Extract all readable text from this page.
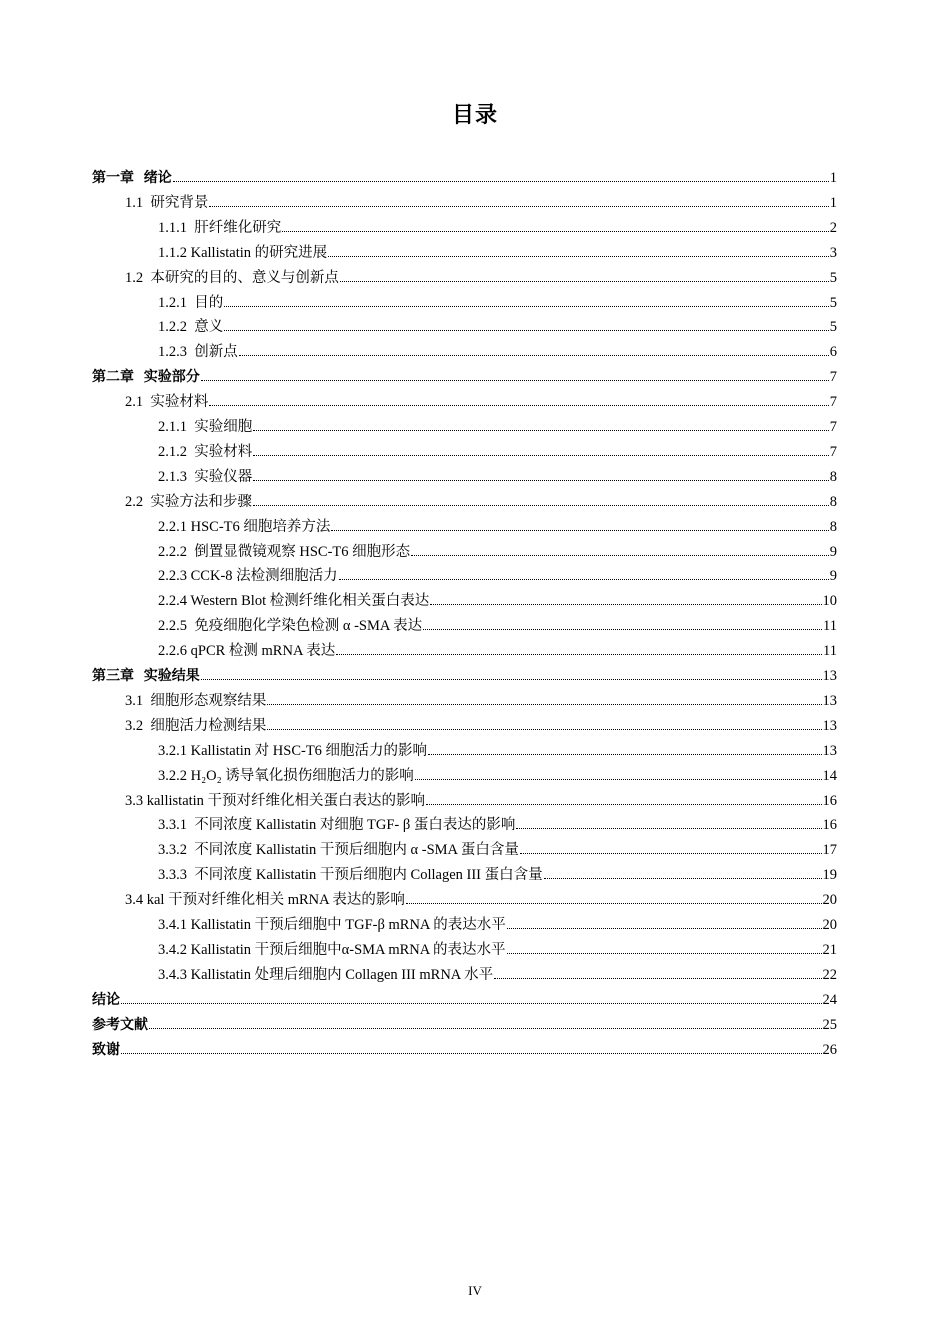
目录
第一章  绪论	1
1.1  研究背景	1
1.1.1  肝纤维化研究	2
1.1.2 Kallistatin 的研究进展	3
1.2  本研究的目的、意义与创新点	5
1.2.1  目的	5
1.2.2  意义	5
1.2.3  创新点	6
第二章  实验部分	7
2.1  实验材料	7
2.1.1  实验细胞	7
2.1.2  实验材料	7
2.1.3  实验仪器	8
2.2  实验方法和步骤	8
2.2.1 HSC-T6 细胞培养方法	8
2.2.2  倒置显微镜观察 HSC-T6 细胞形态	9
2.2.3 CCK-8 法检测细胞活力	9
2.2.4 Western Blot 检测纤维化相关蛋白表达	10
2.2.5  免疫细胞化学染色检测 α -SMA 表达	11
2.2.6 qPCR 检测 mRNA 表达	11
第三章  实验结果	13
3.1  细胞形态观察结果	13
3.2  细胞活力检测结果	13
3.2.1 Kallistatin 对 HSC-T6 细胞活力的影响	13
3.2.2 H₂O₂ 诱导氧化损伤细胞活力的影响	14
3.3 kallistatin 干预对纤维化相关蛋白表达的影响	16
3.3.1  不同浓度 Kallistatin 对细胞 TGF- β 蛋白表达的影响	16
3.3.2  不同浓度 Kallistatin 干预后细胞内 α -SMA 蛋白含量	17
3.3.3  不同浓度 Kallistatin 干预后细胞内 Collagen III 蛋白含量	19
3.4 kal 干预对纤维化相关 mRNA 表达的影响	20
3.4.1 Kallistatin 干预后细胞中 TGF-β mRNA 的表达水平	20
3.4.2 Kallistatin 干预后细胞中α-SMA mRNA 的表达水平	21
3.4.3 Kallistatin 处理后细胞内 Collagen III mRNA 水平	22
结论	24
参考文献	25
致谢	26
IV
